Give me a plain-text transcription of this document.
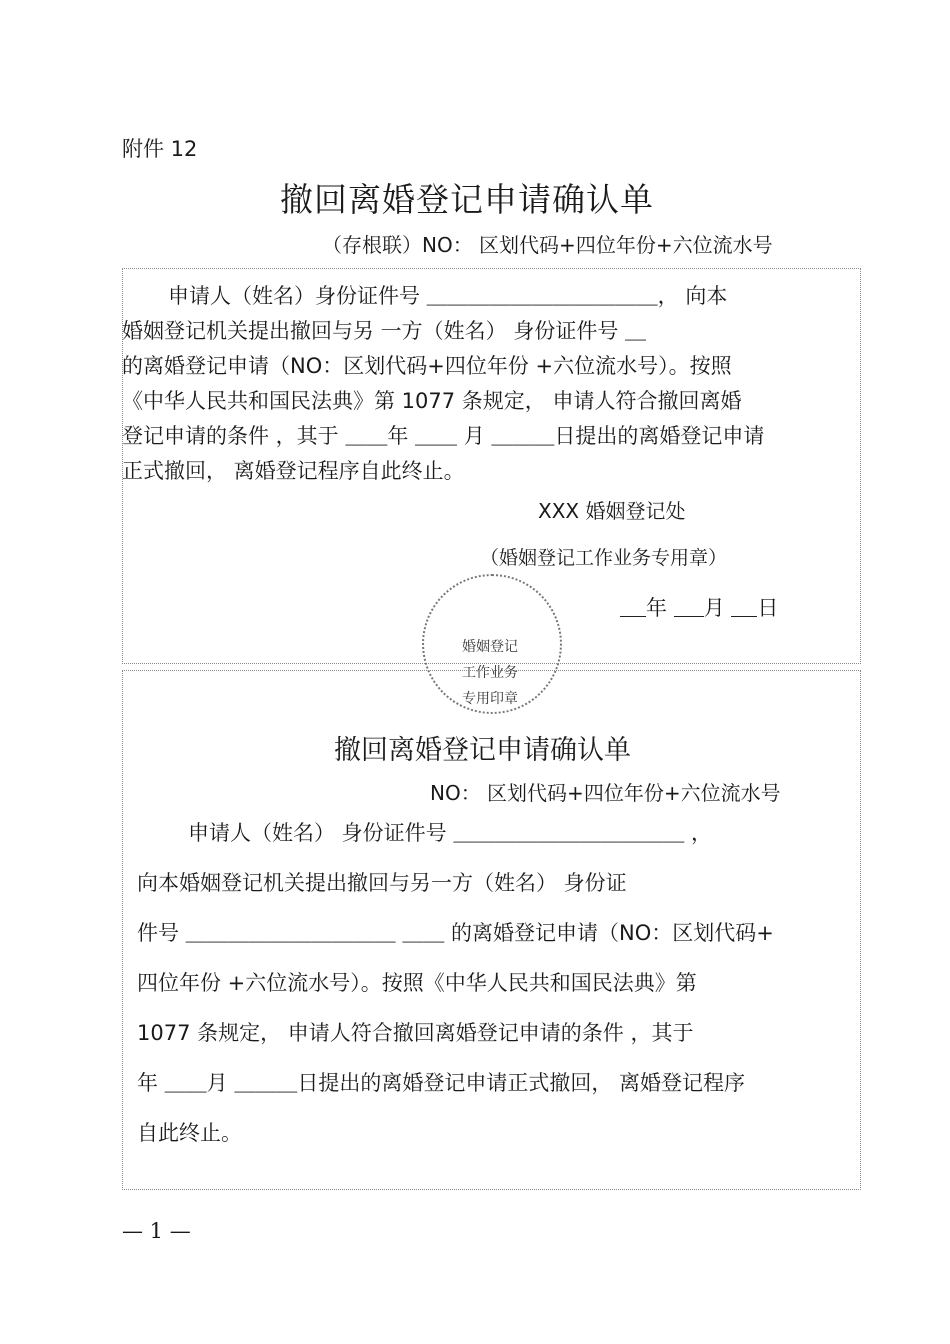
附件 12
撤回离婚登记申请确认单
（存根联）NO： 区划代码+四位年份+六位流水号
申请人（姓名）身份证件号 ＿＿＿＿＿＿＿＿＿＿＿， 向本
婚姻登记机关提出撤回与另 一方（姓名） 身份证件号 ＿
的离婚登记申请（NO：区划代码+四位年份 +六位流水号）。按照
《中华人民共和国民法典》第 1077 条规定， 申请人符合撤回离婚
登记申请的条件 ，其于 ＿＿年 ＿＿ 月 ＿＿＿日提出的离婚登记申请
正式撤回， 离婚登记程序自此终止。
XXX 婚姻登记处
（婚姻登记工作业务专用章）
年 月 日
婚姻登记
工作业务
专用印章
撤回离婚登记申请确认单
NO： 区划代码+四位年份+六位流水号
申请人（姓名） 身份证件号 ＿＿＿＿＿＿＿＿＿＿＿ ，
向本婚姻登记机关提出撤回与另一方（姓名） 身份证
件号 ＿＿＿＿＿＿＿＿＿＿ ＿＿ 的离婚登记申请（NO：区划代码+
四位年份 +六位流水号）。按照《中华人民共和国民法典》第
1077 条规定， 申请人符合撤回离婚登记申请的条件 ，其于
年 ＿＿月 ＿＿＿日提出的离婚登记申请正式撤回， 离婚登记程序
自此终止。
— 1 —
